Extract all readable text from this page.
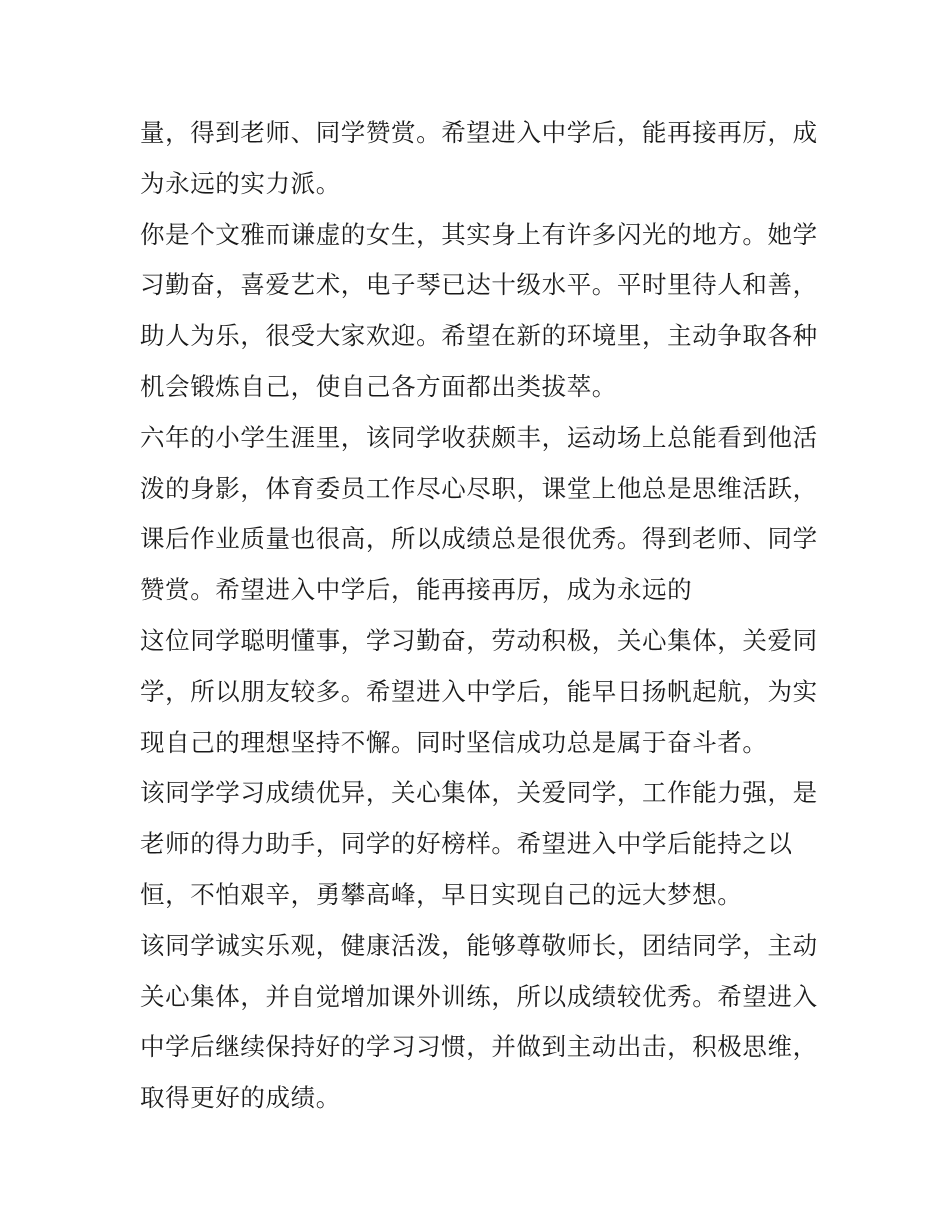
量，得到老师、同学赞赏。希望进入中学后，能再接再厉，成
为永远的实力派。
你是个文雅而谦虚的女生，其实身上有许多闪光的地方。她学
习勤奋，喜爱艺术，电子琴已达十级水平。平时里待人和善，
助人为乐，很受大家欢迎。希望在新的环境里，主动争取各种
机会锻炼自己，使自己各方面都出类拔萃。
六年的小学生涯里，该同学收获颇丰，运动场上总能看到他活
泼的身影，体育委员工作尽心尽职，课堂上他总是思维活跃，
课后作业质量也很高，所以成绩总是很优秀。得到老师、同学
赞赏。希望进入中学后，能再接再厉，成为永远的
这位同学聪明懂事，学习勤奋，劳动积极，关心集体，关爱同
学，所以朋友较多。希望进入中学后，能早日扬帆起航，为实
现自己的理想坚持不懈。同时坚信成功总是属于奋斗者。
该同学学习成绩优异，关心集体，关爱同学，工作能力强，是
老师的得力助手，同学的好榜样。希望进入中学后能持之以
恒，不怕艰辛，勇攀高峰，早日实现自己的远大梦想。
该同学诚实乐观，健康活泼，能够尊敬师长，团结同学，主动
关心集体，并自觉增加课外训练，所以成绩较优秀。希望进入
中学后继续保持好的学习习惯，并做到主动出击，积极思维，
取得更好的成绩。
